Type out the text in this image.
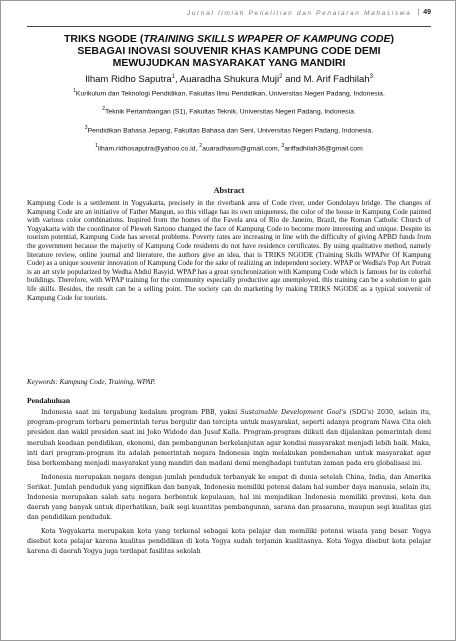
Jurnal Ilmiah Penelitian dan Penalaran Mahasiswa | 49
TRIKS NGODE (TRAINING SKILLS WPAPER OF KAMPUNG CODE)
SEBAGAI INOVASI SOUVENIR KHAS KAMPUNG CODE DEMI
MEWUJUDKAN MASYARAKAT YANG MANDIRI
Ilham Ridho Saputra$^1$, Auaradha Shukura Muji$^2$ and M. Arif Fadhilah$^3$
$^1$Kurikulum dan Teknologi Pendidikan, Fakultas Ilmu Pendidikan, Universitas Negeri Padang, Indonesia.
$^2$Teknik Pertambangan (S1), Fakultas Teknik, Universitas Negeri Padang, Indonesia.
$^3$Pendidikan Bahasa Jepang, Fakultas Bahasa dan Seni, Universitas Negeri Padang, Indonesia.
$^1$ilham.ridhosaputra@yahoo.co.id, $^2$auaradhasm@gmail.com, $^3$ariffadhilah36@gmail.com
Abstract
Kampung Code is a settlement in Yogyakarta, precisely in the riverbank area of Code river, under Gondolayu bridge. The changes of Kampung Code are an initiative of Father Mangun, so this village has its own uniqueness, the color of the house in Kampung Code painted with various color combinations. Inspired from the homes of the Favela area of Rio de Janeiro, Brazil, the Roman Catholic Church of Yogyakarta with the coordinator of Pleweh Sartono changed the face of Kampung Code to become more interesting and unique. Despite its tourism potential, Kampung Code has several problems. Poverty rates are increasing in line with the difficulty of giving APBD funds from the government because the majority of Kampung Code residents do not have residence certificates. By using qualitative method, namely literature review, online journal and literature, the authors give an idea, that is TRIKS NGODE (Training Skills WPAPer Of Kampung Code) as a unique souvenir innovation of Kampung Code for the sake of realizing an independent society. WPAP or Wedha's Pop Art Potrait is an art style popularized by Wedha Abdul Rasyid. WPAP has a great synchronization with Kampung Code which is famous for its colorful buildings. Therefore, with WPAP training for the community especially productive age unemployed, this training can be a solution to gain life skills. Besides, the result can be a selling point. The society can do marketing by making TRIKS NGODE as a typical souvenir of Kampung Code for tourists.
Keywords: Kampung Code, Training, WPAP.
Pendahuluan

Indonesia saat ini tergabung kedalam program PBB, yakni Sustainable Development Goal's (SDG's) 2030, selain itu, program-program terbaru pemerintah terus bergulir dan tercipta untuk masyarakat, seperti adanya program Nawa Cita oleh presiden dan wakil presiden saat ini Joko Widodo dan Jusuf Kalla. Program-program diikuti dan dijalankan pemerintah demi merubah keadaan pendidikan, ekonomi, dan pembangunan berkelanjutan agar kondisi masyarakat menjadi lebih baik. Maka, inti dari program-program itu adalah pemerintah negara Indonesia ingin melakukan pembenahan untuk masyarakat agar bisa berkembang menjadi masyarakat yang mandiri dan madani demi menghadapi tuntutan zaman pada era globalisasi ini.

Indonesia merupakan negara dengan jumlah penduduk terbanyak ke empat di dunia setelah China, India, dan Amerika Serikat. Jumlah penduduk yang signifikan dan banyak, Indonesia memiliki potensi dalam hal sumber daya manusia, selain itu, Indonesia merupakan salah satu negara berbentuk kepulauan, hal ini menjadikan Indonesia memiliki provinsi, kota dan daerah yang banyak untuk diperhatikan, baik segi kuantitas pembangunan, sarana dan prasarana, maupun segi kualitas gizi dan pendidikan penduduk.

Kota Yogyakarta merupakan kota yang terkenal sebagai kota pelajar dan memiliki potensi wisata yang besar. Yogya disebut kota pelajar karena kualitas pendidikan di kota Yogya sudah terjamin kualitasnya. Kota Yogya disebut kota pelajar karena di daerah Yogya juga terdapat fasilitas sekolah
